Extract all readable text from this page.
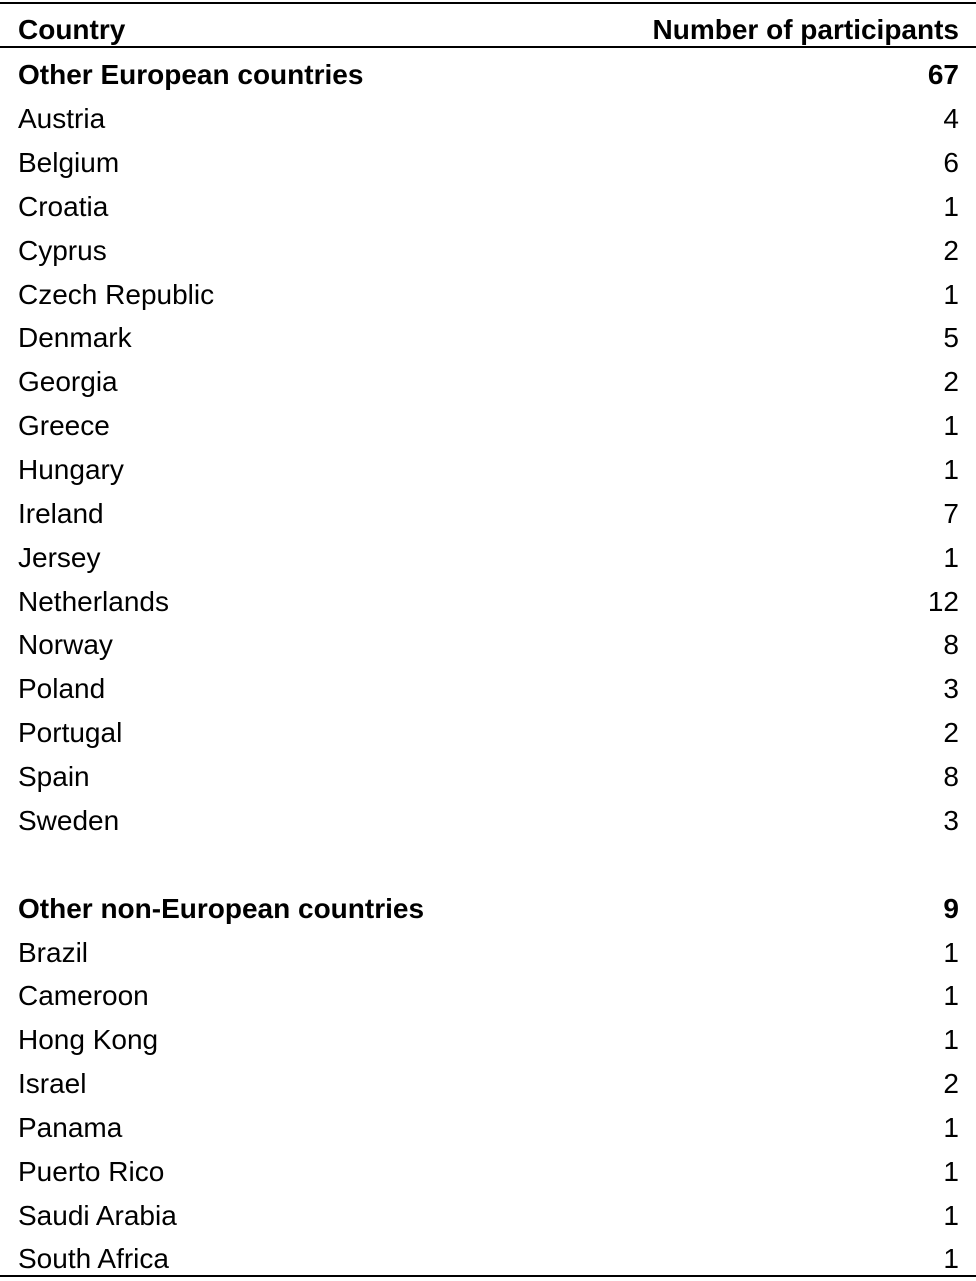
Country	Number of participants
Other European countries	67
Austria	4
Belgium	6
Croatia	1
Cyprus	2
Czech Republic	1
Denmark	5
Georgia	2
Greece	1
Hungary	1
Ireland	7
Jersey	1
Netherlands	12
Norway	8
Poland	3
Portugal	2
Spain	8
Sweden	3
Other non-European countries	9
Brazil	1
Cameroon	1
Hong Kong	1
Israel	2
Panama	1
Puerto Rico	1
Saudi Arabia	1
South Africa	1
